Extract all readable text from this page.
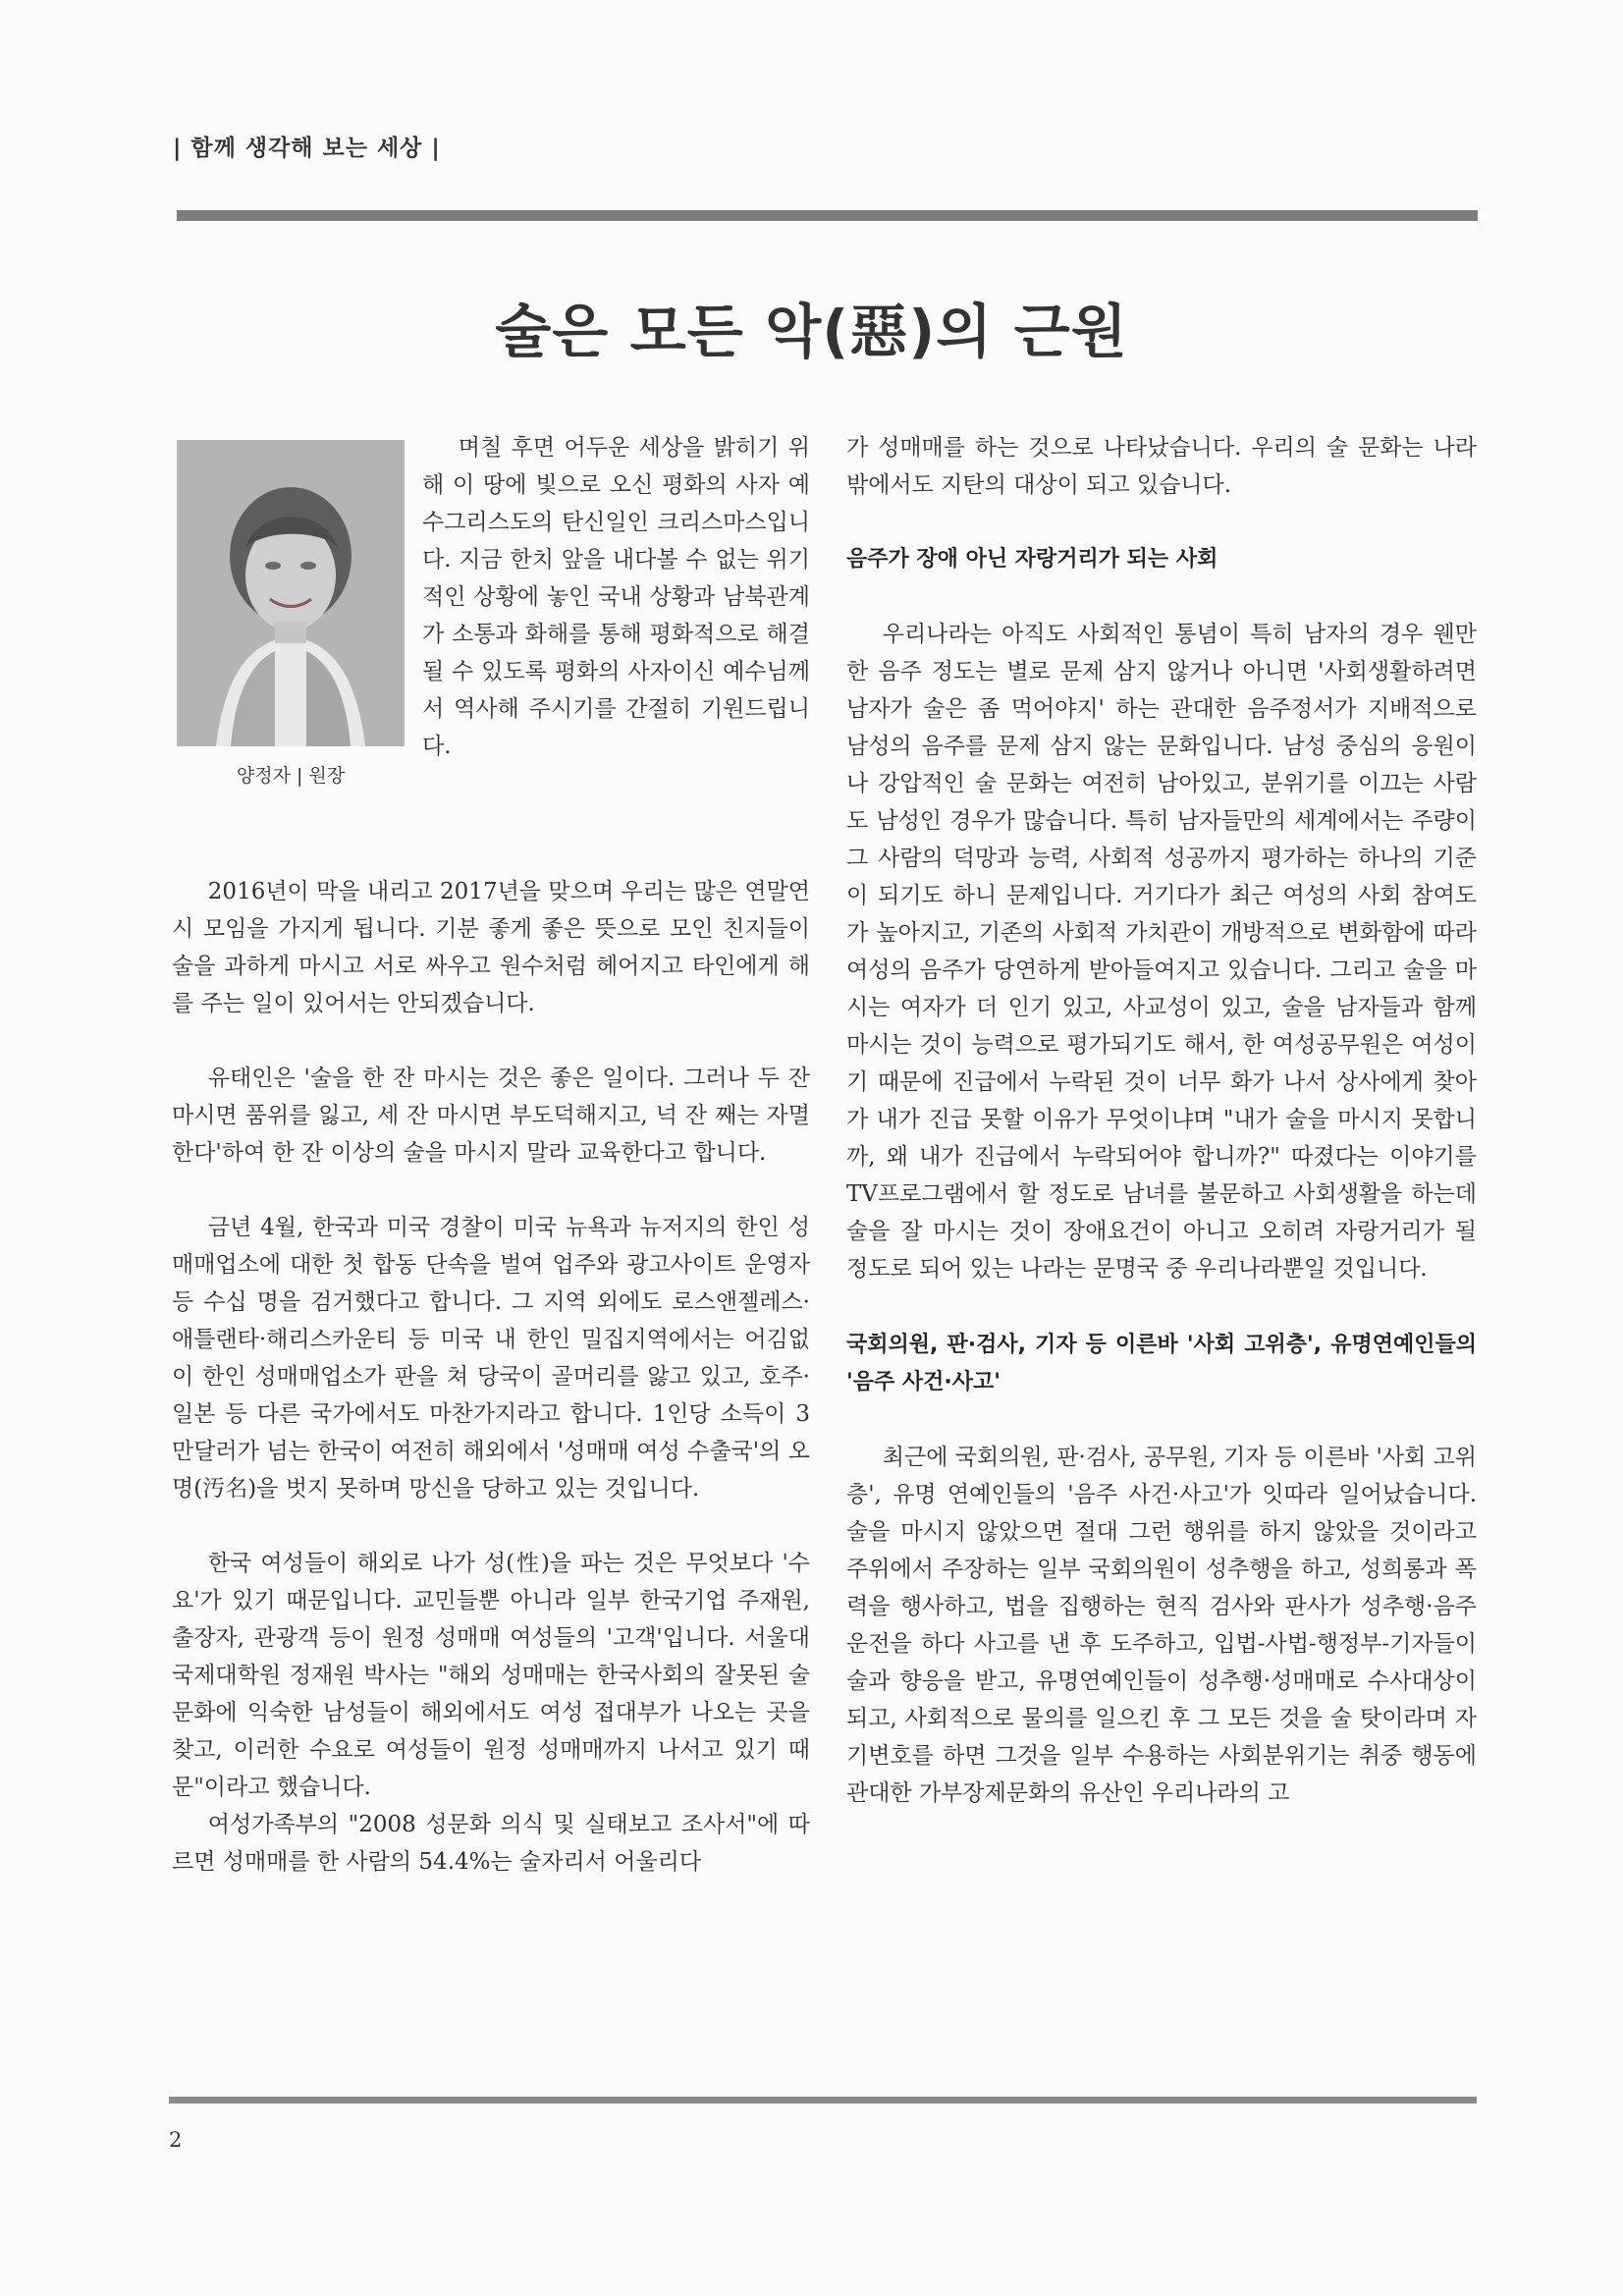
| 함께 생각해 보는 세상 |
술은 모든 악(惡)의 근원
양정자 | 원장

며칠 후면 어두운 세상을 밝히기 위해 이 땅에 빛으로 오신 평화의 사자 예수그리스도의 탄신일인 크리스마스입니다. 지금 한치 앞을 내다볼 수 없는 위기적인 상황에 놓인 국내 상황과 남북관계가 소통과 화해를 통해 평화적으로 해결될 수 있도록 평화의 사자이신 예수님께서 역사해 주시기를 간절히 기원드립니다.

2016년이 막을 내리고 2017년을 맞으며 우리는 많은 연말연시 모임을 가지게 됩니다. 기분 좋게 좋은 뜻으로 모인 친지들이 술을 과하게 마시고 서로 싸우고 원수처럼 헤어지고 타인에게 해를 주는 일이 있어서는 안되겠습니다.

유태인은 '술을 한 잔 마시는 것은 좋은 일이다. 그러나 두 잔 마시면 품위를 잃고, 세 잔 마시면 부도덕해지고, 넉 잔 째는 자멸한다'하여 한 잔 이상의 술을 마시지 말라 교육한다고 합니다.

금년 4월, 한국과 미국 경찰이 미국 뉴욕과 뉴저지의 한인 성매매업소에 대한 첫 합동 단속을 벌여 업주와 광고사이트 운영자 등 수십 명을 검거했다고 합니다. 그 지역 외에도 로스앤젤레스·애틀랜타·해리스카운티 등 미국 내 한인 밀집지역에서는 어김없이 한인 성매매업소가 판을 쳐 당국이 골머리를 앓고 있고, 호주·일본 등 다른 국가에서도 마찬가지라고 합니다. 1인당 소득이 3만달러가 넘는 한국이 여전히 해외에서 '성매매 여성 수출국'의 오명(汚名)을 벗지 못하며 망신을 당하고 있는 것입니다.

한국 여성들이 해외로 나가 성(性)을 파는 것은 무엇보다 '수요'가 있기 때문입니다. 교민들뿐 아니라 일부 한국기업 주재원, 출장자, 관광객 등이 원정 성매매 여성들의 '고객'입니다. 서울대 국제대학원 정재원 박사는 "해외 성매매는 한국사회의 잘못된 술 문화에 익숙한 남성들이 해외에서도 여성 접대부가 나오는 곳을 찾고, 이러한 수요로 여성들이 원정 성매매까지 나서고 있기 때문"이라고 했습니다.

여성가족부의 "2008 성문화 의식 및 실태보고 조사서"에 따르면 성매매를 한 사람의 54.4%는 술자리서 어울리다

가 성매매를 하는 것으로 나타났습니다. 우리의 술 문화는 나라 밖에서도 지탄의 대상이 되고 있습니다.

음주가 장애 아닌 자랑거리가 되는 사회

우리나라는 아직도 사회적인 통념이 특히 남자의 경우 웬만한 음주 정도는 별로 문제 삼지 않거나 아니면 '사회생활하려면 남자가 술은 좀 먹어야지' 하는 관대한 음주정서가 지배적으로 남성의 음주를 문제 삼지 않는 문화입니다. 남성 중심의 응원이나 강압적인 술 문화는 여전히 남아있고, 분위기를 이끄는 사람도 남성인 경우가 많습니다. 특히 남자들만의 세계에서는 주량이 그 사람의 덕망과 능력, 사회적 성공까지 평가하는 하나의 기준이 되기도 하니 문제입니다. 거기다가 최근 여성의 사회 참여도가 높아지고, 기존의 사회적 가치관이 개방적으로 변화함에 따라 여성의 음주가 당연하게 받아들여지고 있습니다. 그리고 술을 마시는 여자가 더 인기 있고, 사교성이 있고, 술을 남자들과 함께 마시는 것이 능력으로 평가되기도 해서, 한 여성공무원은 여성이기 때문에 진급에서 누락된 것이 너무 화가 나서 상사에게 찾아가 내가 진급 못할 이유가 무엇이냐며 "내가 술을 마시지 못합니까, 왜 내가 진급에서 누락되어야 합니까?" 따졌다는 이야기를 TV프로그램에서 할 정도로 남녀를 불문하고 사회생활을 하는데 술을 잘 마시는 것이 장애요건이 아니고 오히려 자랑거리가 될 정도로 되어 있는 나라는 문명국 중 우리나라뿐일 것입니다.

국회의원, 판·검사, 기자 등 이른바 '사회 고위층', 유명연예인들의 '음주 사건·사고'

최근에 국회의원, 판·검사, 공무원, 기자 등 이른바 '사회 고위층', 유명 연예인들의 '음주 사건·사고'가 잇따라 일어났습니다. 술을 마시지 않았으면 절대 그런 행위를 하지 않았을 것이라고 주위에서 주장하는 일부 국회의원이 성추행을 하고, 성희롱과 폭력을 행사하고, 법을 집행하는 현직 검사와 판사가 성추행·음주운전을 하다 사고를 낸 후 도주하고, 입법-사법-행정부-기자들이 술과 향응을 받고, 유명연예인들이 성추행·성매매로 수사대상이 되고, 사회적으로 물의를 일으킨 후 그 모든 것을 술 탓이라며 자기변호를 하면 그것을 일부 수용하는 사회분위기는 취중 행동에 관대한 가부장제문화의 유산인 우리나라의 고

2
